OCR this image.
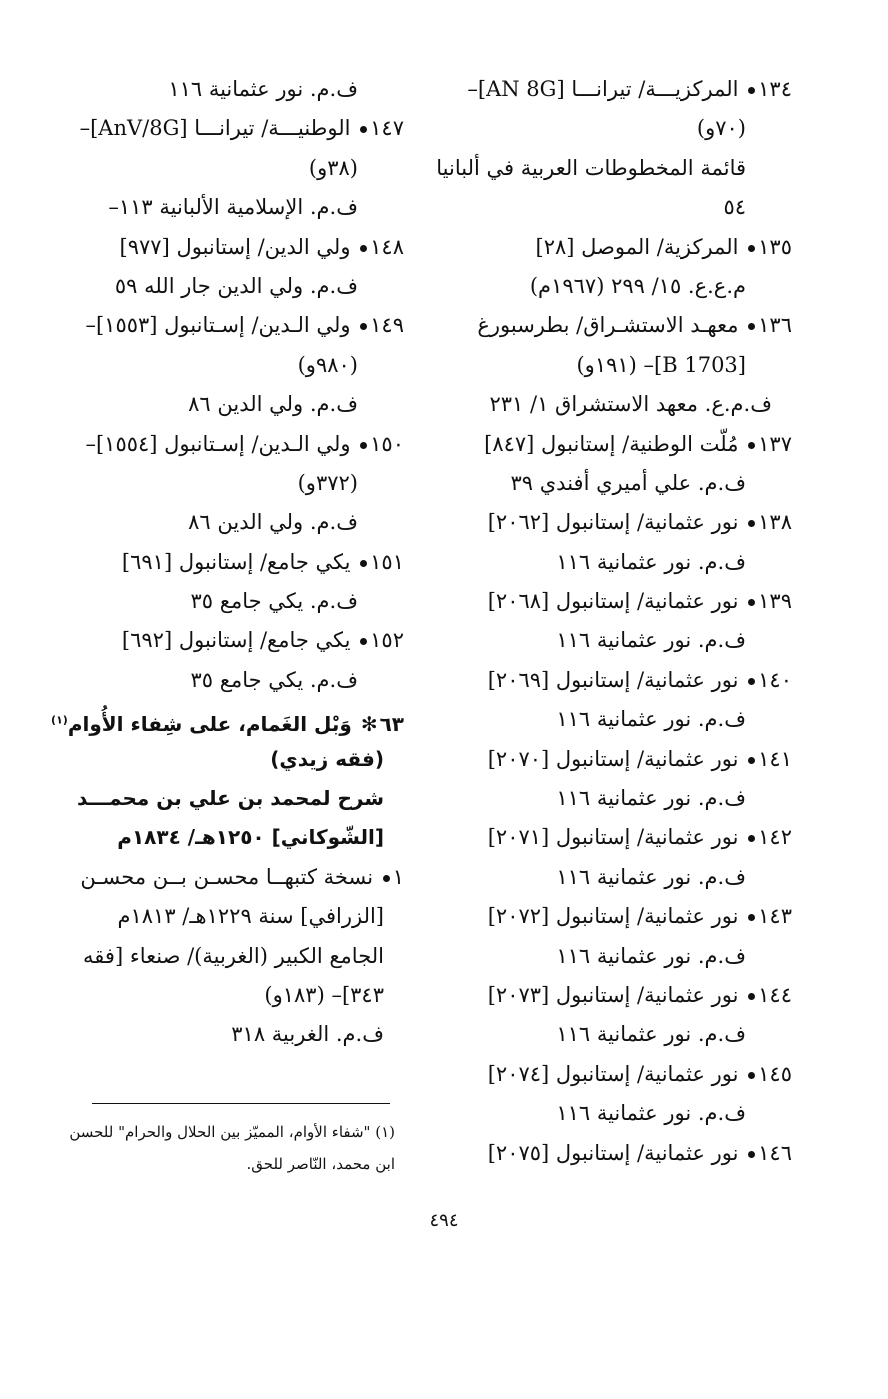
١٣٤ المركزيـــة/ تيرانـــا [AN 8G]–
(٧٠و)
قائمة المخطوطات العربية في ألبانيا
٥٤
١٣٥ المركزية/ الموصل [٢٨]
م.ع.ع. ١٥/ ٢٩٩ (١٩٦٧م)
١٣٦ معهـد الاستشـراق/ بطرسبورغ
[B 1703]– (١٩١و)
ف.م.ع. معهد الاستشراق ١/ ٢٣١
١٣٧ مُلّت الوطنية/ إستانبول [٨٤٧]
ف.م. علي أميري أفندي ٣٩
١٣٨ نور عثمانية/ إستانبول [٢٠٦٢]
ف.م. نور عثمانية ١١٦
١٣٩ نور عثمانية/ إستانبول [٢٠٦٨]
ف.م. نور عثمانية ١١٦
١٤٠ نور عثمانية/ إستانبول [٢٠٦٩]
ف.م. نور عثمانية ١١٦
١٤١ نور عثمانية/ إستانبول [٢٠٧٠]
ف.م. نور عثمانية ١١٦
١٤٢ نور عثمانية/ إستانبول [٢٠٧١]
ف.م. نور عثمانية ١١٦
١٤٣ نور عثمانية/ إستانبول [٢٠٧٢]
ف.م. نور عثمانية ١١٦
١٤٤ نور عثمانية/ إستانبول [٢٠٧٣]
ف.م. نور عثمانية ١١٦
١٤٥ نور عثمانية/ إستانبول [٢٠٧٤]
ف.م. نور عثمانية ١١٦
١٤٦ نور عثمانية/ إستانبول [٢٠٧٥]
ف.م. نور عثمانية ١١٦
١٤٧ الوطنيـــة/ تيرانـــا [AnV/8G]–
(٣٨و)
ف.م. الإسلامية الألبانية ١١٣–
١٤٨ ولي الدين/ إستانبول [٩٧٧]
ف.م. ولي الدين جار الله ٥٩
١٤٩ ولي الـدين/ إسـتانبول [١٥٥٣]–
(٩٨٠و)
ف.م. ولي الدين ٨٦
١٥٠ ولي الـدين/ إسـتانبول [١٥٥٤]–
(٣٧٢و)
ف.م. ولي الدين ٨٦
١٥١ يكي جامع/ إستانبول [٦٩١]
ف.م. يكي جامع ٣٥
١٥٢ يكي جامع/ إستانبول [٦٩٢]
ف.م. يكي جامع ٣٥
٦٣✻ وَبْل الغَمام، على شِفاء الأُوام$^{(١)}$
(فقه زيدي)
شرح لمحمد بن علي بن محمـــد
[الشّوكاني] ١٢٥٠هـ/ ١٨٣٤م
١ نسخة كتبهــا محسـن بــن محسـن
[الزرافي] سنة ١٢٢٩هـ/ ١٨١٣م
الجامع الكبير (الغربية)/ صنعاء [فقه
٣٤٣]– (١٨٣و)
ف.م. الغربية ٣١٨
(١) "شفاء الأوام، المميّز بين الحلال والحرام" للحسن
ابن محمد، النّاصر للحق.
٤٩٤
